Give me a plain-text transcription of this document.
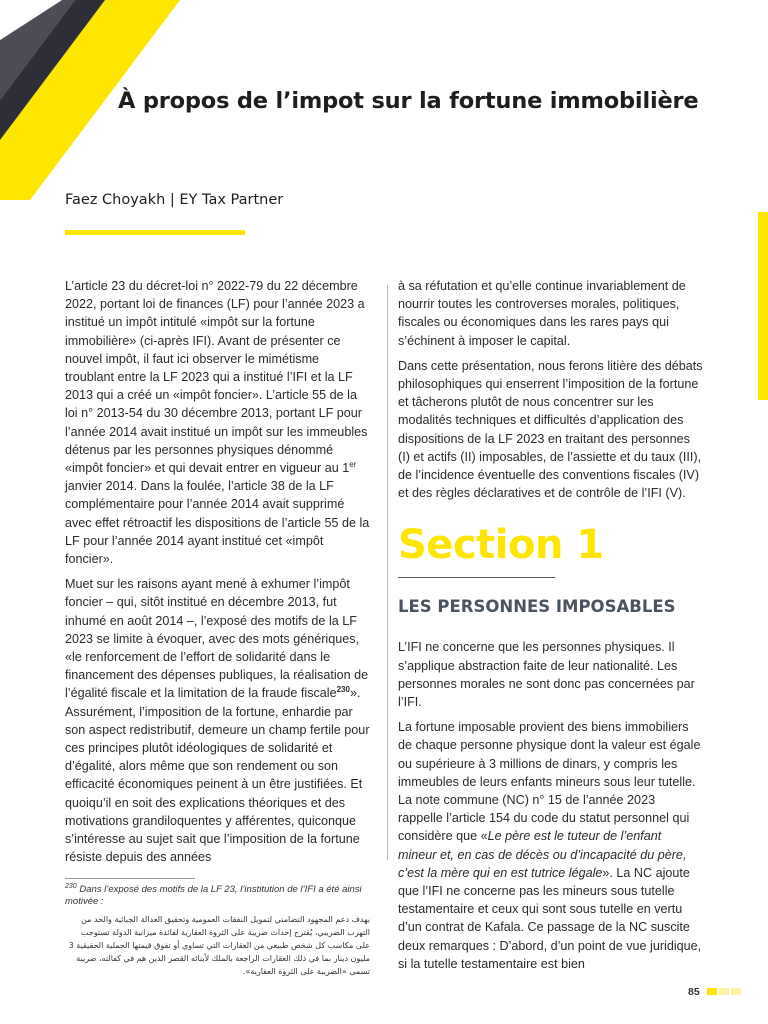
À propos de l’impot sur la fortune immobilière
Faez Choyakh | EY Tax Partner

L’article 23 du décret-loi n° 2022-79 du 22 décembre 2022, portant loi de finances (LF) pour l’année 2023 a institué un impôt intitulé «impôt sur la fortune immobilière» (ci-après IFI). Avant de présenter ce nouvel impôt, il faut ici observer le mimétisme troublant entre la LF 2023 qui a institué l’IFI et la LF 2013 qui a créé un «impôt foncier». L’article 55 de la loi n° 2013-54 du 30 décembre 2013, portant LF pour l’année 2014 avait institué un impôt sur les immeubles détenus par les personnes physiques dénommé «impôt foncier» et qui devait entrer en vigueur au 1er janvier 2014. Dans la foulée, l’article 38 de la LF complémentaire pour l’année 2014 avait supprimé avec effet rétroactif les dispositions de l’article 55 de la LF pour l’année 2014 ayant institué cet «impôt foncier».

Muet sur les raisons ayant mené à exhumer l’impôt foncier – qui, sitôt institué en décembre 2013, fut inhumé en août 2014 –, l’exposé des motifs de la LF 2023 se limite à évoquer, avec des mots génériques, «le renforcement de l’effort de solidarité dans le financement des dépenses publiques, la réalisation de l’égalité fiscale et la limitation de la fraude fiscale$^{230}$». Assurément, l’imposition de la fortune, enhardie par son aspect redistributif, demeure un champ fertile pour ces principes plutôt idéologiques de solidarité et d’égalité, alors même que son rendement ou son efficacité économiques peinent à un être justifiées. Et quoiqu’il en soit des explications théoriques et des motivations grandiloquentes y afférentes, quiconque s’intéresse au sujet sait que l’imposition de la fortune résiste depuis des années

à sa réfutation et qu’elle continue invariablement de nourrir toutes les controverses morales, politiques, fiscales ou économiques dans les rares pays qui s’échinent à imposer le capital.

Dans cette présentation, nous ferons litière des débats philosophiques qui enserrent l’imposition de la fortune et tâcherons plutôt de nous concentrer sur les modalités techniques et difficultés d’application des dispositions de la LF 2023 en traitant des personnes (I) et actifs (II) imposables, de l’assiette et du taux (III), de l’incidence éventuelle des conventions fiscales (IV) et des règles déclaratives et de contrôle de l’IFI (V).

Section 1
LES PERSONNES IMPOSABLES

L’IFI ne concerne que les personnes physiques. Il s’applique abstraction faite de leur nationalité. Les personnes morales ne sont donc pas concernées par l’IFI.

La fortune imposable provient des biens immobiliers de chaque personne physique dont la valeur est égale ou supérieure à 3 millions de dinars, y compris les immeubles de leurs enfants mineurs sous leur tutelle. La note commune (NC) n° 15 de l’année 2023 rappelle l’article 154 du code du statut personnel qui considère que «Le père est le tuteur de l’enfant mineur et, en cas de décès ou d’incapacité du père, c’est la mère qui en est tutrice légale». La NC ajoute que l’IFI ne concerne pas les mineurs sous tutelle testamentaire et ceux qui sont sous tutelle en vertu d’un contrat de Kafala. Ce passage de la NC suscite deux remarques : D’abord, d’un point de vue juridique, si la tutelle testamentaire est bien

$^{230}$ Dans l’exposé des motifs de la LF 23, l’institution de l’IFI a été ainsi motivée :
بهدف دعم المجهود التضامني لتمويل النفقات العمومية وتحقيق العدالة الجبائية والحد من التهرب الضريبي، يُقترح إحداث ضريبة على الثروة العقارية لفائدة ميزانية الدولة تستوجب على مكاسب كل شخص طبيعي من العقارات التي تساوي أو تفوق قيمتها الجملية الحقيقية 3 مليون دينار بما في ذلك العقارات الراجعة بالملك لأبنائه القصر الذين هم في كفالته، ضريبة تسمى «الضريبة على الثروة العقارية».
85
